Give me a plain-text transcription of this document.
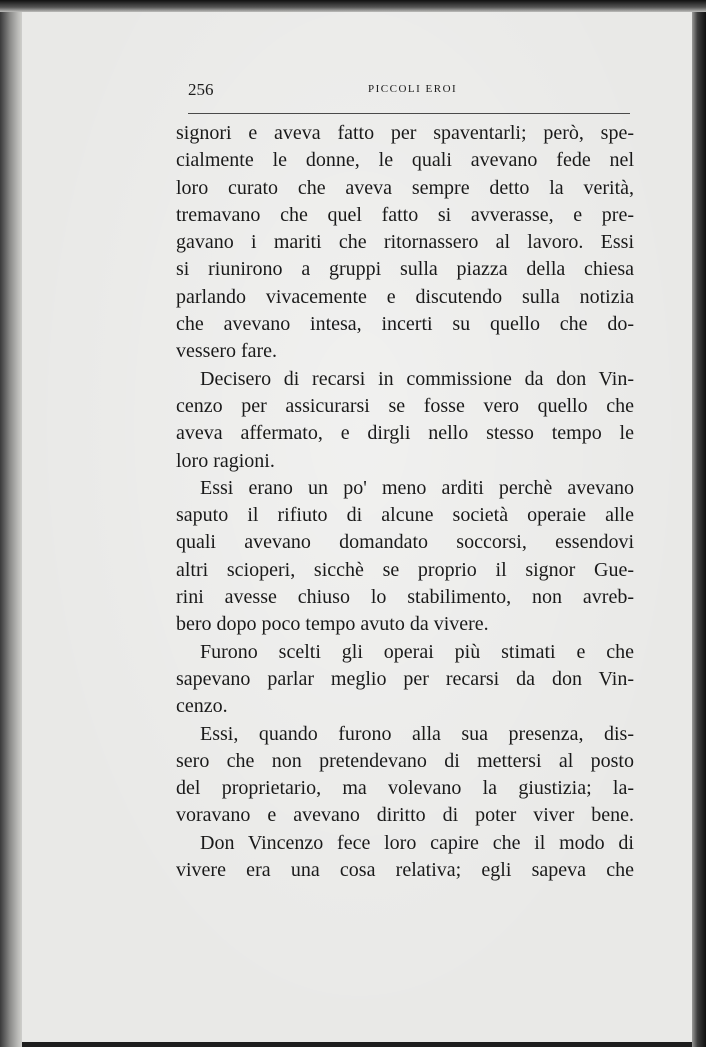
256	PICCOLI EROI
signori e aveva fatto per spaventarli; però, spe-
cialmente le donne, le quali avevano fede nel
loro curato che aveva sempre detto la verità,
tremavano che quel fatto si avverasse, e pre-
gavano i mariti che ritornassero al lavoro. Essi
si riunirono a gruppi sulla piazza della chiesa
parlando vivacemente e discutendo sulla notizia
che avevano intesa, incerti su quello che do-
vessero fare.
Decisero di recarsi in commissione da don Vin-
cenzo per assicurarsi se fosse vero quello che
aveva affermato, e dirgli nello stesso tempo le
loro ragioni.
Essi erano un po' meno arditi perchè avevano
saputo il rifiuto di alcune società operaie alle
quali avevano domandato soccorsi, essendovi
altri scioperi, sicchè se proprio il signor Gue-
rini avesse chiuso lo stabilimento, non avreb-
bero dopo poco tempo avuto da vivere.
Furono scelti gli operai più stimati e che
sapevano parlar meglio per recarsi da don Vin-
cenzo.
Essi, quando furono alla sua presenza, dis-
sero che non pretendevano di mettersi al posto
del proprietario, ma volevano la giustizia; la-
voravano e avevano diritto di poter viver bene.
Don Vincenzo fece loro capire che il modo di
vivere era una cosa relativa; egli sapeva che
